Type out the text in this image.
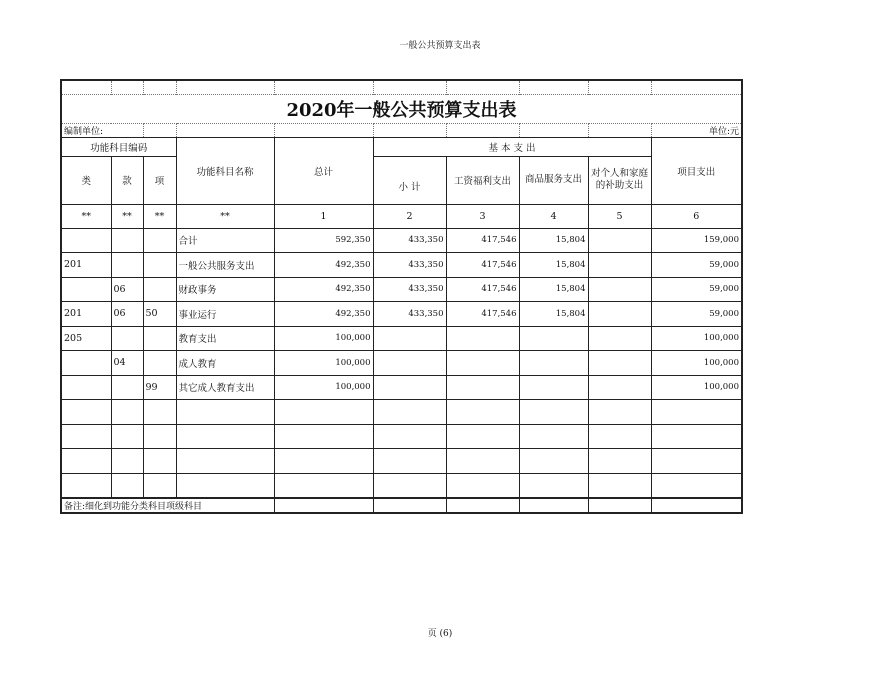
一般公共预算支出表

2020年一般公共预算支出表									
编制单位:									单位:元
功能科目编码			功能科目名称	总计	基 本 支 出				项目支出
类	款	项			小 计	工资福利支出	商品服务支出	对个人和家庭的补助支出	
**	**	**	**	1	2	3	4	5	6
			合计	592,350	433,350	417,546	15,804		159,000
201			一般公共服务支出	492,350	433,350	417,546	15,804		59,000
	06		财政事务	492,350	433,350	417,546	15,804		59,000
201	06	50	事业运行	492,350	433,350	417,546	15,804		59,000
205			教育支出	100,000					100,000
	04		成人教育	100,000					100,000
		99	其它成人教育支出	100,000					100,000

备注:细化到功能分类科目项级科目									
页 (6)
